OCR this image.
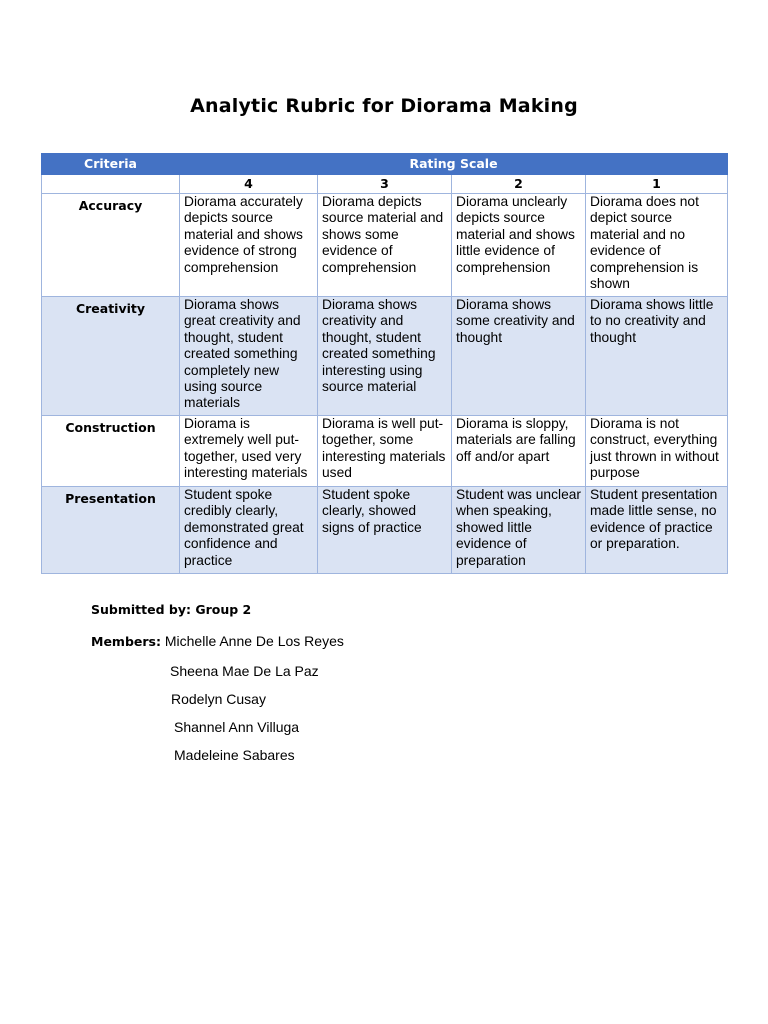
Analytic Rubric for Diorama Making
Criteria	Rating Scale			
	4	3	2	1
Accuracy	Diorama accurately depicts source material and shows evidence of strong comprehension	Diorama depicts source material and shows some evidence of comprehension	Diorama unclearly depicts source material and shows little evidence of comprehension	Diorama does not depict source material and no evidence of comprehension is shown
Creativity	Diorama shows great creativity and thought, student created something completely new using source materials	Diorama shows creativity and thought, student created something interesting using source material	Diorama shows some creativity and thought	Diorama shows little to no creativity and thought
Construction	Diorama is extremely well put-together, used very interesting materials	Diorama is well put-together, some interesting materials used	Diorama is sloppy, materials are falling off and/or apart	Diorama is not construct, everything just thrown in without purpose
Presentation	Student spoke credibly clearly, demonstrated great confidence and practice	Student spoke clearly, showed signs of practice	Student was unclear when speaking, showed little evidence of preparation	Student presentation made little sense, no evidence of practice or preparation.
Submitted by: Group 2
Members: Michelle Anne De Los Reyes
Sheena Mae De La Paz
Rodelyn Cusay
Shannel Ann Villuga
Madeleine Sabares
